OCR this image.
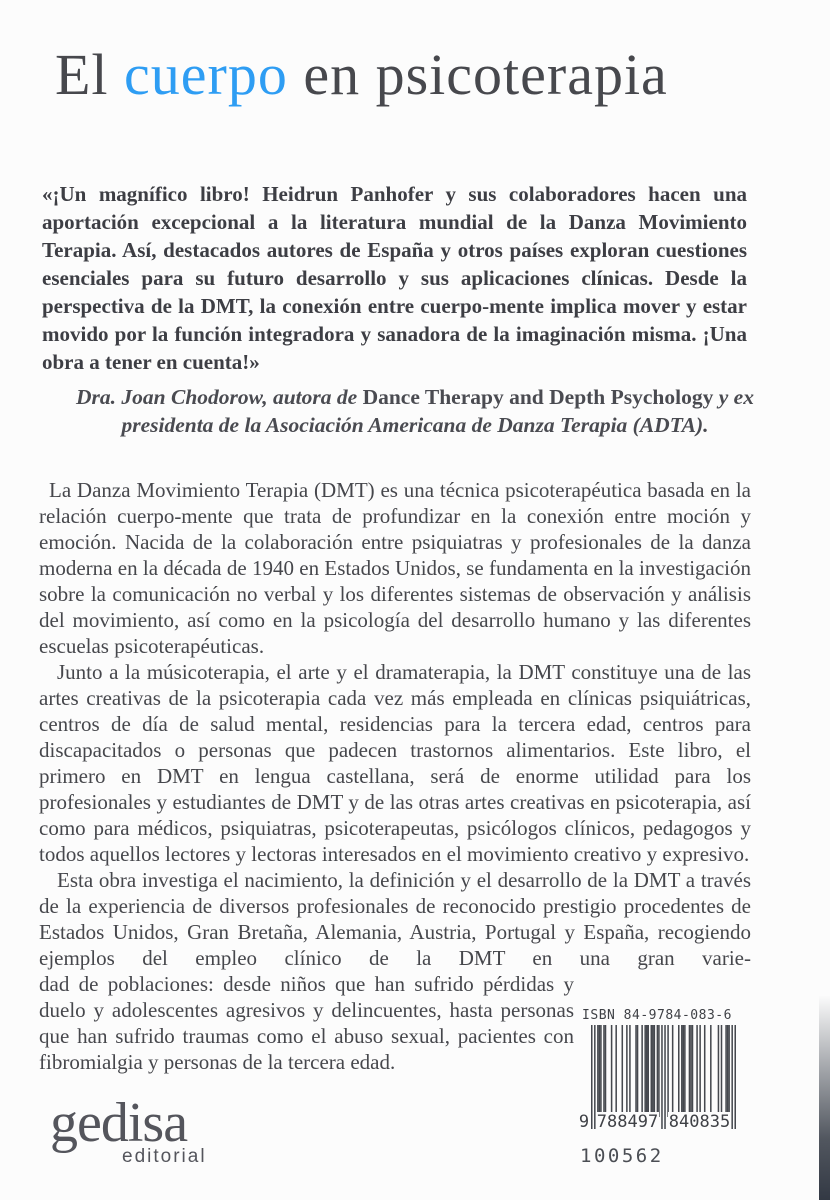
El cuerpo en psicoterapia

«¡Un magnífico libro! Heidrun Panhofer y sus colaboradores hacen una aportación excepcional a la literatura mundial de la Danza Movimiento Terapia. Así, destacados autores de España y otros países exploran cuestiones esenciales para su futuro desarrollo y sus aplicaciones clínicas. Desde la perspectiva de la DMT, la conexión entre cuerpo-mente implica mover y estar movido por la función integradora y sanadora de la imaginación misma. ¡Una obra a tener en cuenta!»

Dra. Joan Chodorow, autora de Dance Therapy and Depth Psychology y ex presidenta de la Asociación Americana de Danza Terapia (ADTA).

La Danza Movimiento Terapia (DMT) es una técnica psicoterapéutica basada en la relación cuerpo-mente que trata de profundizar en la conexión entre moción y emoción. Nacida de la colaboración entre psiquiatras y profesionales de la danza moderna en la década de 1940 en Estados Unidos, se fundamenta en la investigación sobre la comunicación no verbal y los diferentes sistemas de observación y análisis del movimiento, así como en la psicología del desarrollo humano y las diferentes escuelas psicoterapéuticas.

Junto a la músicoterapia, el arte y el dramaterapia, la DMT constituye una de las artes creativas de la psicoterapia cada vez más empleada en clínicas psiquiátricas, centros de día de salud mental, residencias para la tercera edad, centros para discapacitados o personas que padecen trastornos alimentarios. Este libro, el primero en DMT en lengua castellana, será de enorme utilidad para los profesionales y estudiantes de DMT y de las otras artes creativas en psicoterapia, así como para médicos, psiquiatras, psicoterapeutas, psicólogos clínicos, pedagogos y todos aquellos lectores y lectoras interesados en el movimiento creativo y expresivo.

Esta obra investiga el nacimiento, la definición y el desarrollo de la DMT a través de la experiencia de diversos profesionales de reconocido prestigio procedentes de Estados Unidos, Gran Bretaña, Alemania, Austria, Portugal y España, recogiendo ejemplos del empleo clínico de la DMT en una gran varie-

dad de poblaciones: desde niños que han sufrido pérdidas y duelo y adolescentes agresivos y delincuentes, hasta personas que han sufrido traumas como el abuso sexual, pacientes con fibromialgia y personas de la tercera edad.

ISBN 84-9784-083-6
9 788497 840835
100562
gedisa
editorial
